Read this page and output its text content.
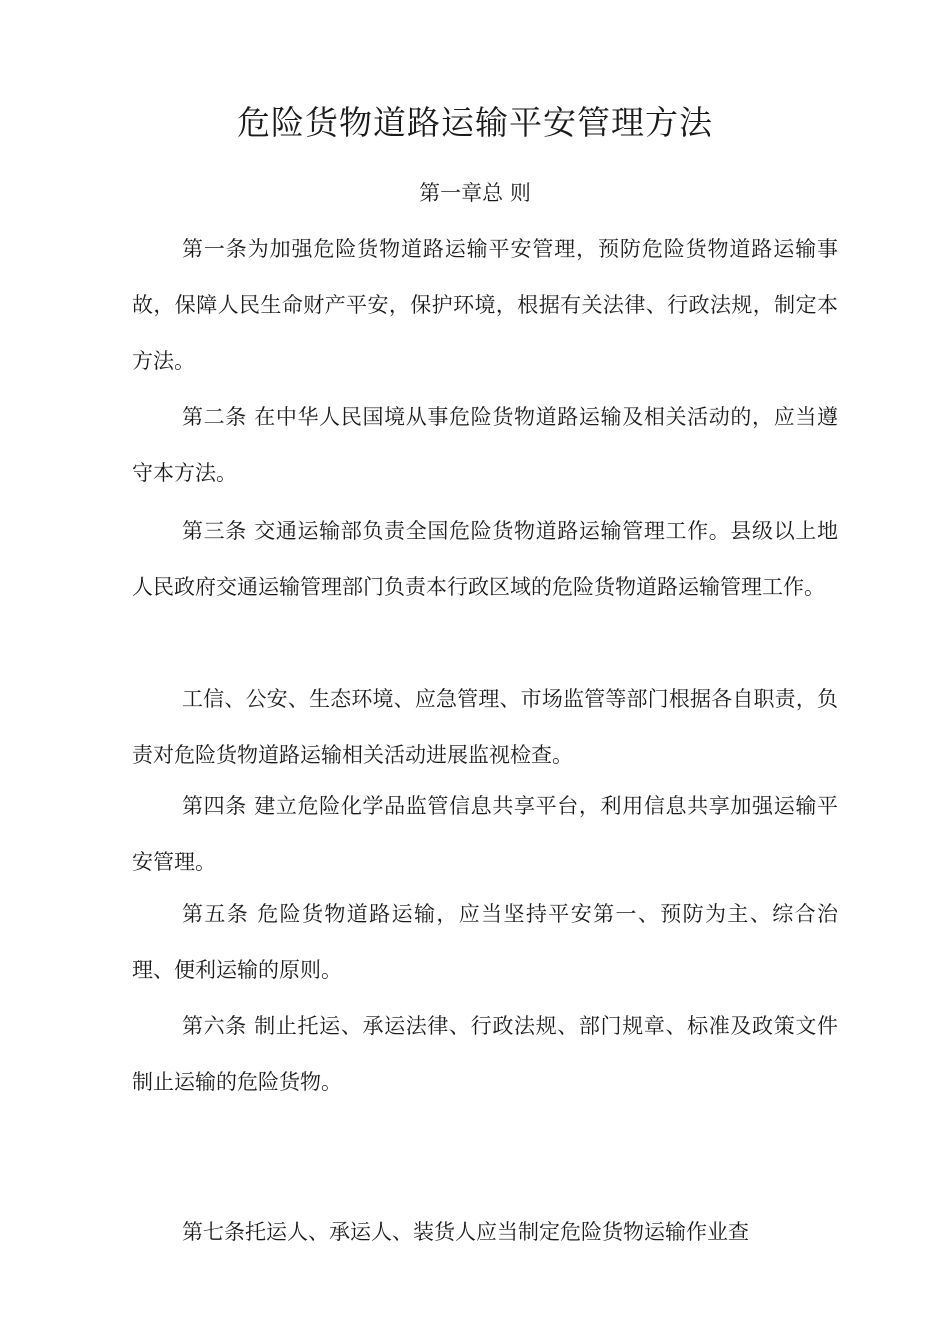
危险货物道路运输平安管理方法
第一章总 则

第一条为加强危险货物道路运输平安管理，预防危险货物道路运输事故，保障人民生命财产平安，保护环境，根据有关法律、行政法规，制定本方法。

第二条 在中华人民国境从事危险货物道路运输及相关活动的，应当遵守本方法。

第三条 交通运输部负责全国危险货物道路运输管理工作。县级以上地人民政府交通运输管理部门负责本行政区域的危险货物道路运输管理工作。

工信、公安、生态环境、应急管理、市场监管等部门根据各自职责，负责对危险货物道路运输相关活动进展监视检查。

第四条 建立危险化学品监管信息共享平台，利用信息共享加强运输平安管理。

第五条 危险货物道路运输，应当坚持平安第一、预防为主、综合治理、便利运输的原则。

第六条 制止托运、承运法律、行政法规、部门规章、标准及政策文件制止运输的危险货物。

第七条托运人、承运人、装货人应当制定危险货物运输作业查
